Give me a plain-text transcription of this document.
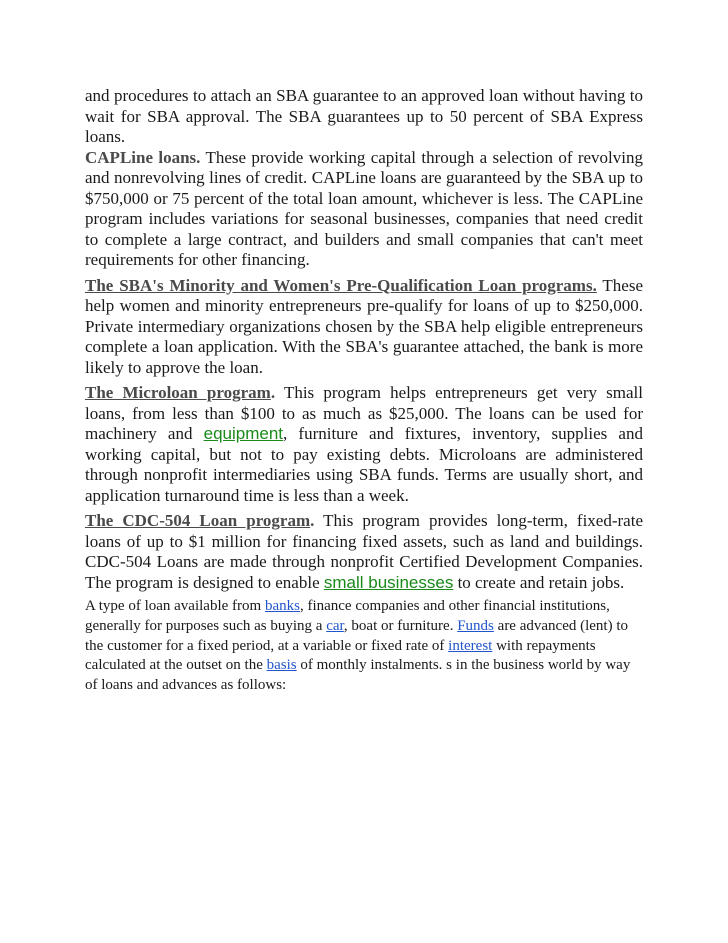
and procedures to attach an SBA guarantee to an approved loan without having to wait for SBA approval. The SBA guarantees up to 50 percent of SBA Express loans.

CAPLine loans. These provide working capital through a selection of revolving and nonrevolving lines of credit. CAPLine loans are guaranteed by the SBA up to $750,000 or 75 percent of the total loan amount, whichever is less. The CAPLine program includes variations for seasonal businesses, companies that need credit to complete a large contract, and builders and small companies that can't meet requirements for other financing.

The SBA's Minority and Women's Pre-Qualification Loan programs. These help women and minority entrepreneurs pre-qualify for loans of up to $250,000. Private intermediary organizations chosen by the SBA help eligible entrepreneurs complete a loan application. With the SBA's guarantee attached, the bank is more likely to approve the loan.

The Microloan program. This program helps entrepreneurs get very small loans, from less than $100 to as much as $25,000. The loans can be used for machinery and equipment, furniture and fixtures, inventory, supplies and working capital, but not to pay existing debts. Microloans are administered through nonprofit intermediaries using SBA funds. Terms are usually short, and application turnaround time is less than a week.

The CDC-504 Loan program. This program provides long-term, fixed-rate loans of up to $1 million for financing fixed assets, such as land and buildings. CDC-504 Loans are made through nonprofit Certified Development Companies. The program is designed to enable small businesses to create and retain jobs.

A type of loan available from banks, finance companies and other financial institutions, generally for purposes such as buying a car, boat or furniture. Funds are advanced (lent) to the customer for a fixed period, at a variable or fixed rate of interest with repayments calculated at the outset on the basis of monthly instalments. s in the business world by way of loans and advances as follows:
